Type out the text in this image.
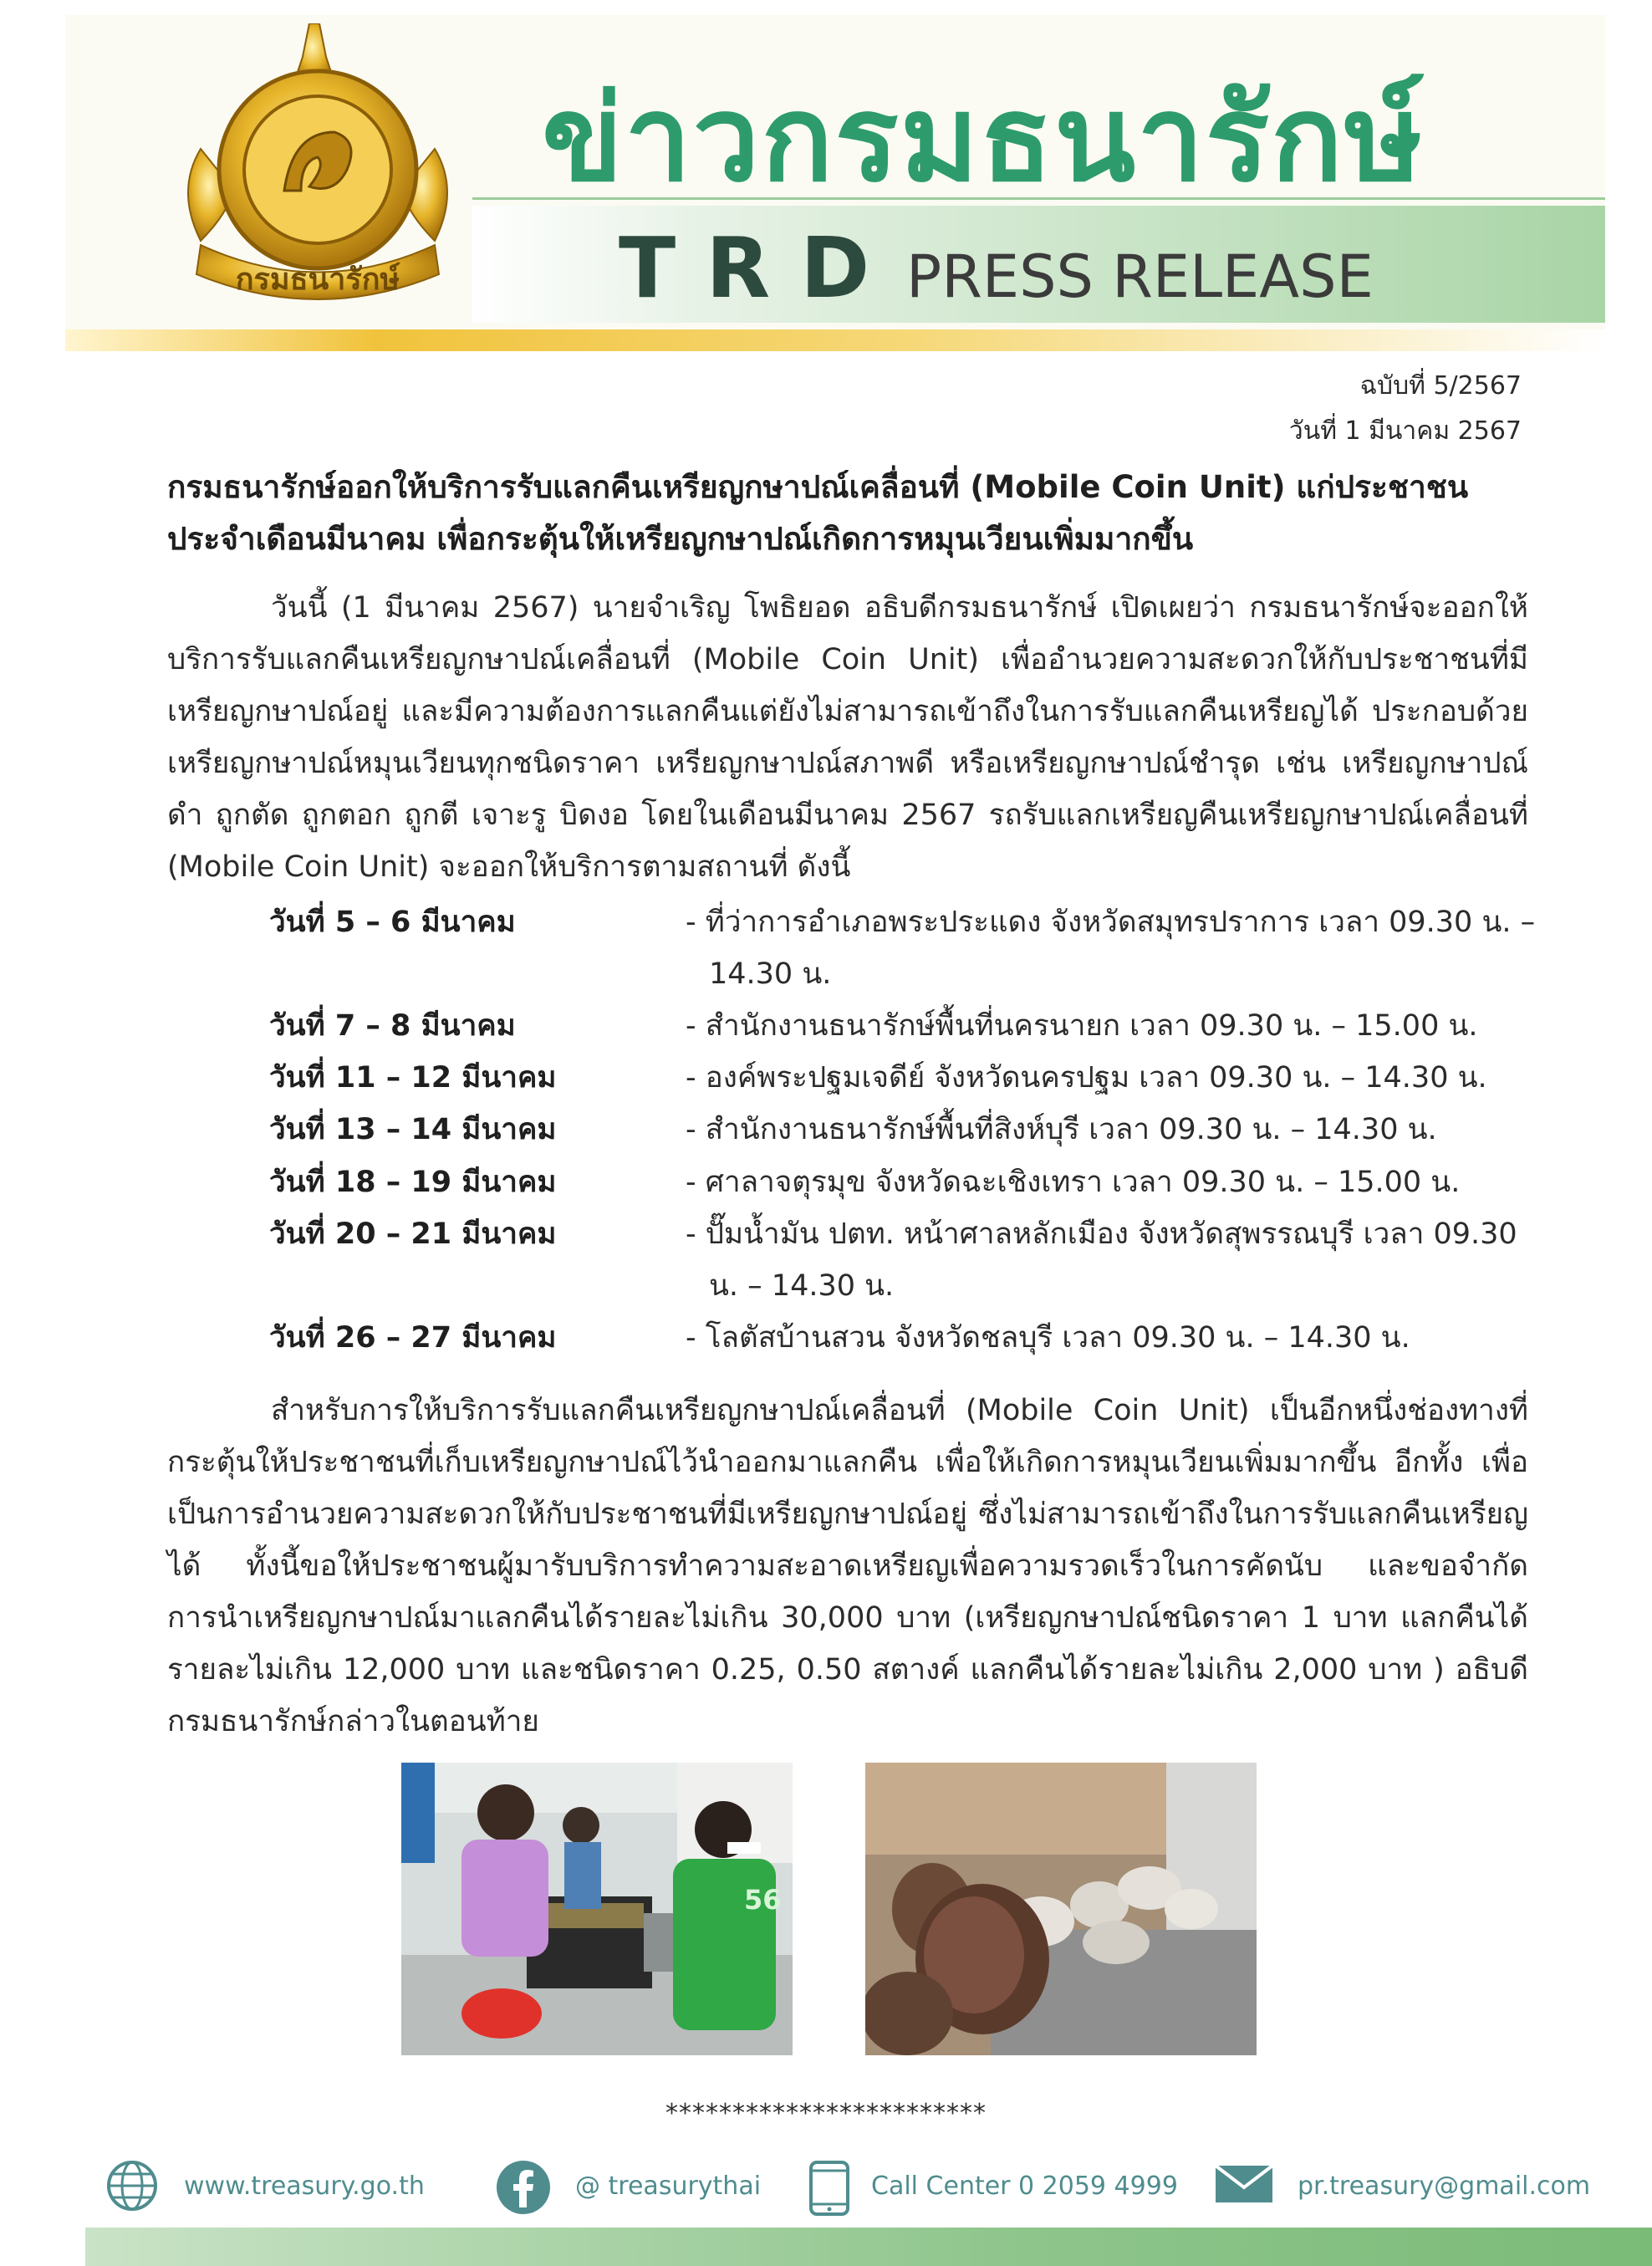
กรมธนารักษ์
ข่าวกรมธนารักษ์
TRD PRESS RELEASE
ฉบับที่ 5/2567
วันที่ 1 มีนาคม 2567
กรมธนารักษ์ออกให้บริการรับแลกคืนเหรียญกษาปณ์เคลื่อนที่ (Mobile Coin Unit) แก่ประชาชน ประจำเดือนมีนาคม เพื่อกระตุ้นให้เหรียญกษาปณ์เกิดการหมุนเวียนเพิ่มมากขึ้น
วันนี้ (1 มีนาคม 2567) นายจำเริญ โพธิยอด อธิบดีกรมธนารักษ์ เปิดเผยว่า กรมธนารักษ์จะออกให้บริการรับแลกคืนเหรียญกษาปณ์เคลื่อนที่ (Mobile Coin Unit) เพื่ออำนวยความสะดวกให้กับประชาชนที่มีเหรียญกษาปณ์อยู่ และมีความต้องการแลกคืนแต่ยังไม่สามารถเข้าถึงในการรับแลกคืนเหรียญได้ ประกอบด้วยเหรียญกษาปณ์หมุนเวียนทุกชนิดราคา เหรียญกษาปณ์สภาพดี หรือเหรียญกษาปณ์ชำรุด เช่น เหรียญกษาปณ์ดำ ถูกตัด ถูกตอก ถูกตี เจาะรู บิดงอ โดยในเดือนมีนาคม 2567 รถรับแลกเหรียญคืนเหรียญกษาปณ์เคลื่อนที่ (Mobile Coin Unit) จะออกให้บริการตามสถานที่ ดังนี้
วันที่ 5 – 6 มีนาคม	- ที่ว่าการอำเภอพระประแดง จังหวัดสมุทรปราการ เวลา 09.30 น. – 14.30 น.
วันที่ 7 – 8 มีนาคม	- สำนักงานธนารักษ์พื้นที่นครนายก เวลา 09.30 น. – 15.00 น.
วันที่ 11 – 12 มีนาคม	- องค์พระปฐมเจดีย์ จังหวัดนครปฐม เวลา 09.30 น. – 14.30 น.
วันที่ 13 – 14 มีนาคม	- สำนักงานธนารักษ์พื้นที่สิงห์บุรี เวลา 09.30 น. – 14.30 น.
วันที่ 18 – 19 มีนาคม	- ศาลาจตุรมุข จังหวัดฉะเชิงเทรา เวลา 09.30 น. – 15.00 น.
วันที่ 20 – 21 มีนาคม	- ปั๊มน้ำมัน ปตท. หน้าศาลหลักเมือง จังหวัดสุพรรณบุรี เวลา 09.30 น. – 14.30 น.
วันที่ 26 – 27 มีนาคม	- โลตัสบ้านสวน จังหวัดชลบุรี เวลา 09.30 น. – 14.30 น.
สำหรับการให้บริการรับแลกคืนเหรียญกษาปณ์เคลื่อนที่ (Mobile Coin Unit) เป็นอีกหนึ่งช่องทางที่กระตุ้นให้ประชาชนที่เก็บเหรียญกษาปณ์ไว้นำออกมาแลกคืน เพื่อให้เกิดการหมุนเวียนเพิ่มมากขึ้น อีกทั้ง เพื่อเป็นการอำนวยความสะดวกให้กับประชาชนที่มีเหรียญกษาปณ์อยู่ ซึ่งไม่สามารถเข้าถึงในการรับแลกคืนเหรียญได้ ทั้งนี้ขอให้ประชาชนผู้มารับบริการทำความสะอาดเหรียญเพื่อความรวดเร็วในการคัดนับ และขอจำกัดการนำเหรียญกษาปณ์มาแลกคืนได้รายละไม่เกิน 30,000 บาท (เหรียญกษาปณ์ชนิดราคา 1 บาท แลกคืนได้รายละไม่เกิน 12,000 บาท และชนิดราคา 0.25, 0.50 สตางค์ แลกคืนได้รายละไม่เกิน 2,000 บาท ) อธิบดีกรมธนารักษ์กล่าวในตอนท้าย
56
************************
www.treasury.go.th	@ treasurythai	Call Center 0 2059 4999	pr.treasury@gmail.com
